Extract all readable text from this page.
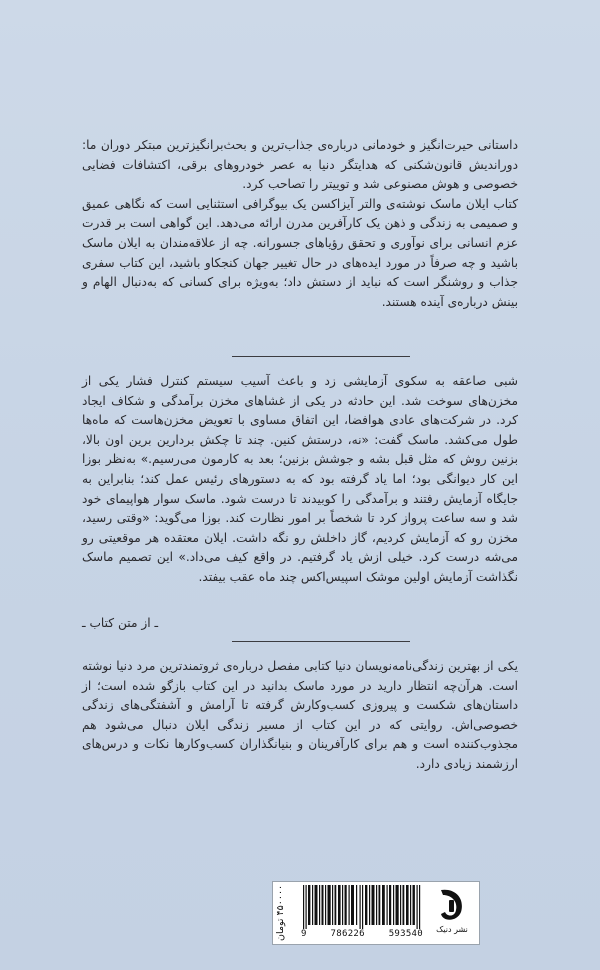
داستانی حیرت‌انگیز و خودمانی درباره‌ی جذاب‌ترین و بحث‌برانگیزترین مبتکر دوران ما: دوراندیش قانون‌شکنی که هدایتگر دنیا به عصر خودروهای برقی، اکتشافات فضایی خصوصی و هوش مصنوعی شد و توییتر را تصاحب کرد.

کتاب ایلان ماسک نوشته‌ی والتر آیزاکسن یک بیوگرافی استثنایی است که نگاهی عمیق و صمیمی به زندگی و ذهن یک کارآفرین مدرن ارائه می‌دهد. این گواهی است بر قدرت عزم انسانی برای نوآوری و تحقق رؤیاهای جسورانه. چه از علاقه‌مندان به ایلان ماسک باشید و چه صرفاً در مورد ایده‌های در حال تغییر جهان کنجکاو باشید، این کتاب سفری جذاب و روشنگر است که نباید از دستش داد؛ به‌ویژه برای کسانی که به‌دنبال الهام و بینش درباره‌ی آینده هستند.

شبی صاعقه به سکوی آزمایشی زد و باعث آسیب سیستم کنترل فشار یکی از مخزن‌های سوخت شد. این حادثه در یکی از غشاهای مخزن برآمدگی و شکاف ایجاد کرد. در شرکت‌های عادی هوافضا، این اتفاق مساوی با تعویض مخزن‌هاست که ماه‌ها طول می‌کشد. ماسک گفت: «نه، درستش کنین. چند تا چکش بردارین برین اون بالا، بزنین روش که مثل قبل بشه و جوشش بزنین؛ بعد به کارمون می‌رسیم.» به‌نظر بوزا این کار دیوانگی بود؛ اما یاد گرفته بود که به دستورهای رئیس عمل کند؛ بنابراین به جایگاه آزمایش رفتند و برآمدگی را کوبیدند تا درست شود. ماسک سوار هواپیمای خود شد و سه ساعت پرواز کرد تا شخصاً بر امور نظارت کند. بوزا می‌گوید: «وقتی رسید، مخزن رو که آزمایش کردیم، گاز داخلش رو نگه داشت. ایلان معتقده هر موقعیتی رو می‌شه درست کرد. خیلی ازش یاد گرفتیم. در واقع کیف می‌داد.» این تصمیم ماسک نگذاشت آزمایش اولین موشک اسپیس‌اکس چند ماه عقب بیفتد.

ـ از متن کتاب ـ

یکی از بهترین زندگی‌نامه‌نویسان دنیا کتابی مفصل درباره‌ی ثروتمندترین مرد دنیا نوشته است. هرآن‌چه انتظار دارید در مورد ماسک بدانید در این کتاب بازگو شده است؛ از داستان‌های شکست و پیروزی کسب‌وکارش گرفته تا آرامش و آشفتگی‌های زندگی خصوصی‌اش. روایتی که در این کتاب از مسیر زندگی ایلان دنبال می‌شود هم مجذوب‌کننده است و هم برای کارآفرینان و بنیانگذاران کسب‌وکارها نکات و درس‌های ارزشمند زیادی دارد.

۴۵۰۰۰۰ تومان
9	786226	593540	نشر دنیک
